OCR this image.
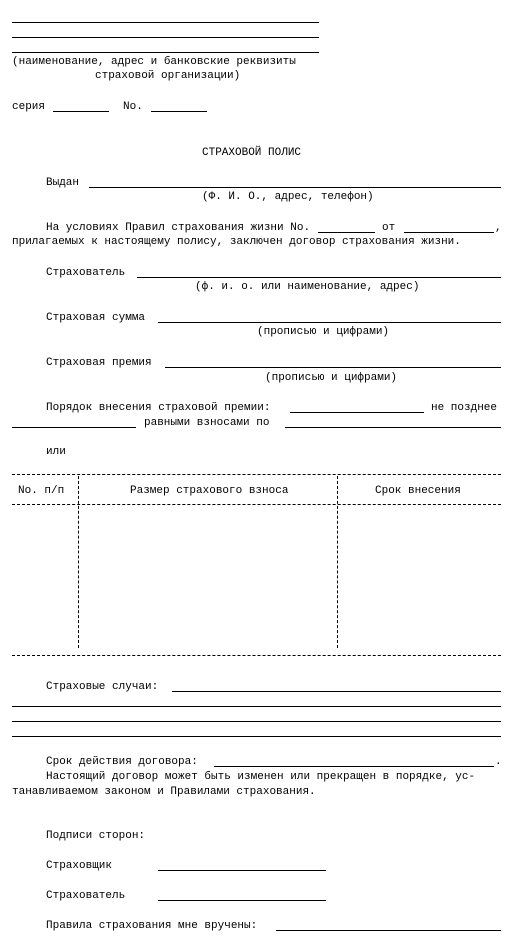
(наименование, адрес и банковские реквизиты
страховой организации)
серия	No.
СТРАХОВОЙ ПОЛИС
Выдан
(Ф. И. О., адрес, телефон)
На условиях Правил страхования жизни No.	от	,
прилагаемых к настоящему полису, заключен договор страхования жизни.
Страхователь
(ф. и. о. или наименование, адрес)
Страховая сумма
(прописью и цифрами)
Страховая премия
(прописью и цифрами)
Порядок внесения страховой премии:	не позднее
равными взносами по
или
No. п/п	Размер страхового взноса	Срок внесения
Страховые случаи:
Срок действия договора:	.
Настоящий договор может быть изменен или прекращен в порядке, ус-
танавливаемом законом и Правилами страхования.
Подписи сторон:
Страховщик
Страхователь
Правила страхования мне вручены:
